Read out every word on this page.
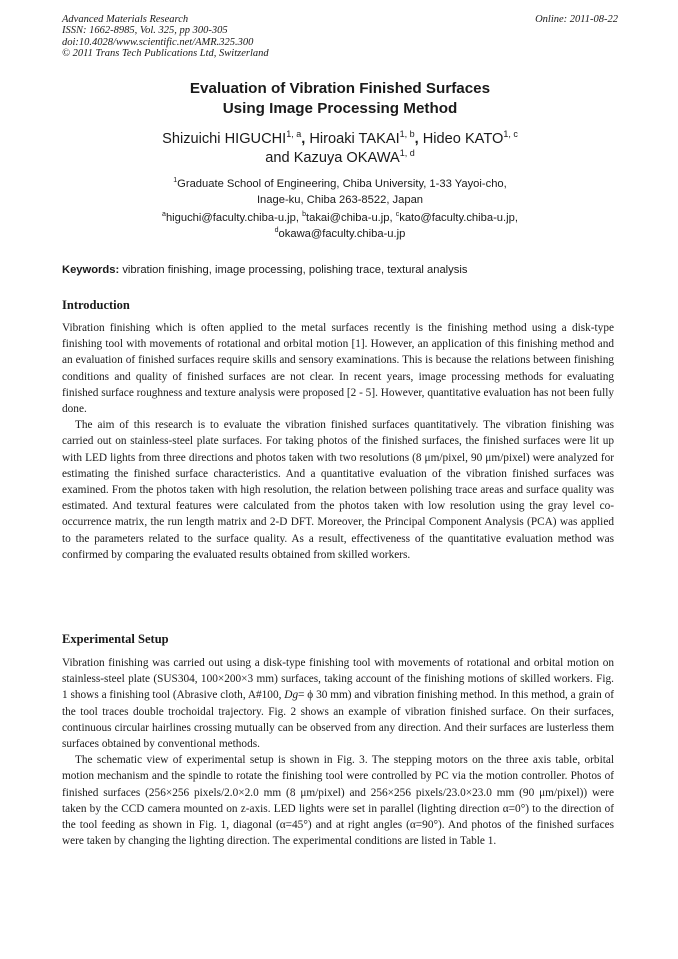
Advanced Materials Research
ISSN: 1662-8985, Vol. 325, pp 300-305
doi:10.4028/www.scientific.net/AMR.325.300
© 2011 Trans Tech Publications Ltd, Switzerland
Online: 2011-08-22
Evaluation of Vibration Finished Surfaces
Using Image Processing Method
Shizuichi HIGUCHI$^{1, a}$, Hiroaki TAKAI$^{1, b}$, Hideo KATO$^{1, c}$
and Kazuya OKAWA$^{1, d}$
$^1$Graduate School of Engineering, Chiba University, 1-33 Yayoi-cho,
Inage-ku, Chiba 263-8522, Japan
$^a$higuchi@faculty.chiba-u.jp, $^b$takai@chiba-u.jp, $^c$kato@faculty.chiba-u.jp,
$^d$okawa@faculty.chiba-u.jp
Keywords: vibration finishing, image processing, polishing trace, textural analysis
Introduction

Vibration finishing which is often applied to the metal surfaces recently is the finishing method using a disk-type finishing tool with movements of rotational and orbital motion [1]. However, an application of this finishing method and an evaluation of finished surfaces require skills and sensory examinations. This is because the relations between finishing conditions and quality of finished surfaces are not clear. In recent years, image processing methods for evaluating finished surface roughness and texture analysis were proposed [2 - 5]. However, quantitative evaluation has not been fully done.

The aim of this research is to evaluate the vibration finished surfaces quantitatively. The vibration finishing was carried out on stainless-steel plate surfaces. For taking photos of the finished surfaces, the finished surfaces were lit up with LED lights from three directions and photos taken with two resolutions (8 μm/pixel, 90 μm/pixel) were analyzed for estimating the finished surface characteristics. And a quantitative evaluation of the vibration finished surfaces was examined. From the photos taken with high resolution, the relation between polishing trace areas and surface quality was estimated. And textural features were calculated from the photos taken with low resolution using the gray level co-occurrence matrix, the run length matrix and 2-D DFT. Moreover, the Principal Component Analysis (PCA) was applied to the parameters related to the surface quality. As a result, effectiveness of the quantitative evaluation method was confirmed by comparing the evaluated results obtained from skilled workers.

Experimental Setup

Vibration finishing was carried out using a disk-type finishing tool with movements of rotational and orbital motion on stainless-steel plate (SUS304, 100×200×3 mm) surfaces, taking account of the finishing motions of skilled workers. Fig. 1 shows a finishing tool (Abrasive cloth, A#100, Dg= ϕ 30 mm) and vibration finishing method. In this method, a grain of the tool traces double trochoidal trajectory. Fig. 2 shows an example of vibration finished surface. On their surfaces, continuous circular hairlines crossing mutually can be observed from any direction. And their surfaces are lusterless them surfaces obtained by conventional methods.

The schematic view of experimental setup is shown in Fig. 3. The stepping motors on the three axis table, orbital motion mechanism and the spindle to rotate the finishing tool were controlled by PC via the motion controller. Photos of finished surfaces (256×256 pixels/2.0×2.0 mm (8 μm/pixel) and 256×256 pixels/23.0×23.0 mm (90 μm/pixel)) were taken by the CCD camera mounted on z-axis. LED lights were set in parallel (lighting direction α=0°) to the direction of the tool feeding as shown in Fig. 1, diagonal (α=45°) and at right angles (α=90°). And photos of the finished surfaces were taken by changing the lighting direction. The experimental conditions are listed in Table 1.
